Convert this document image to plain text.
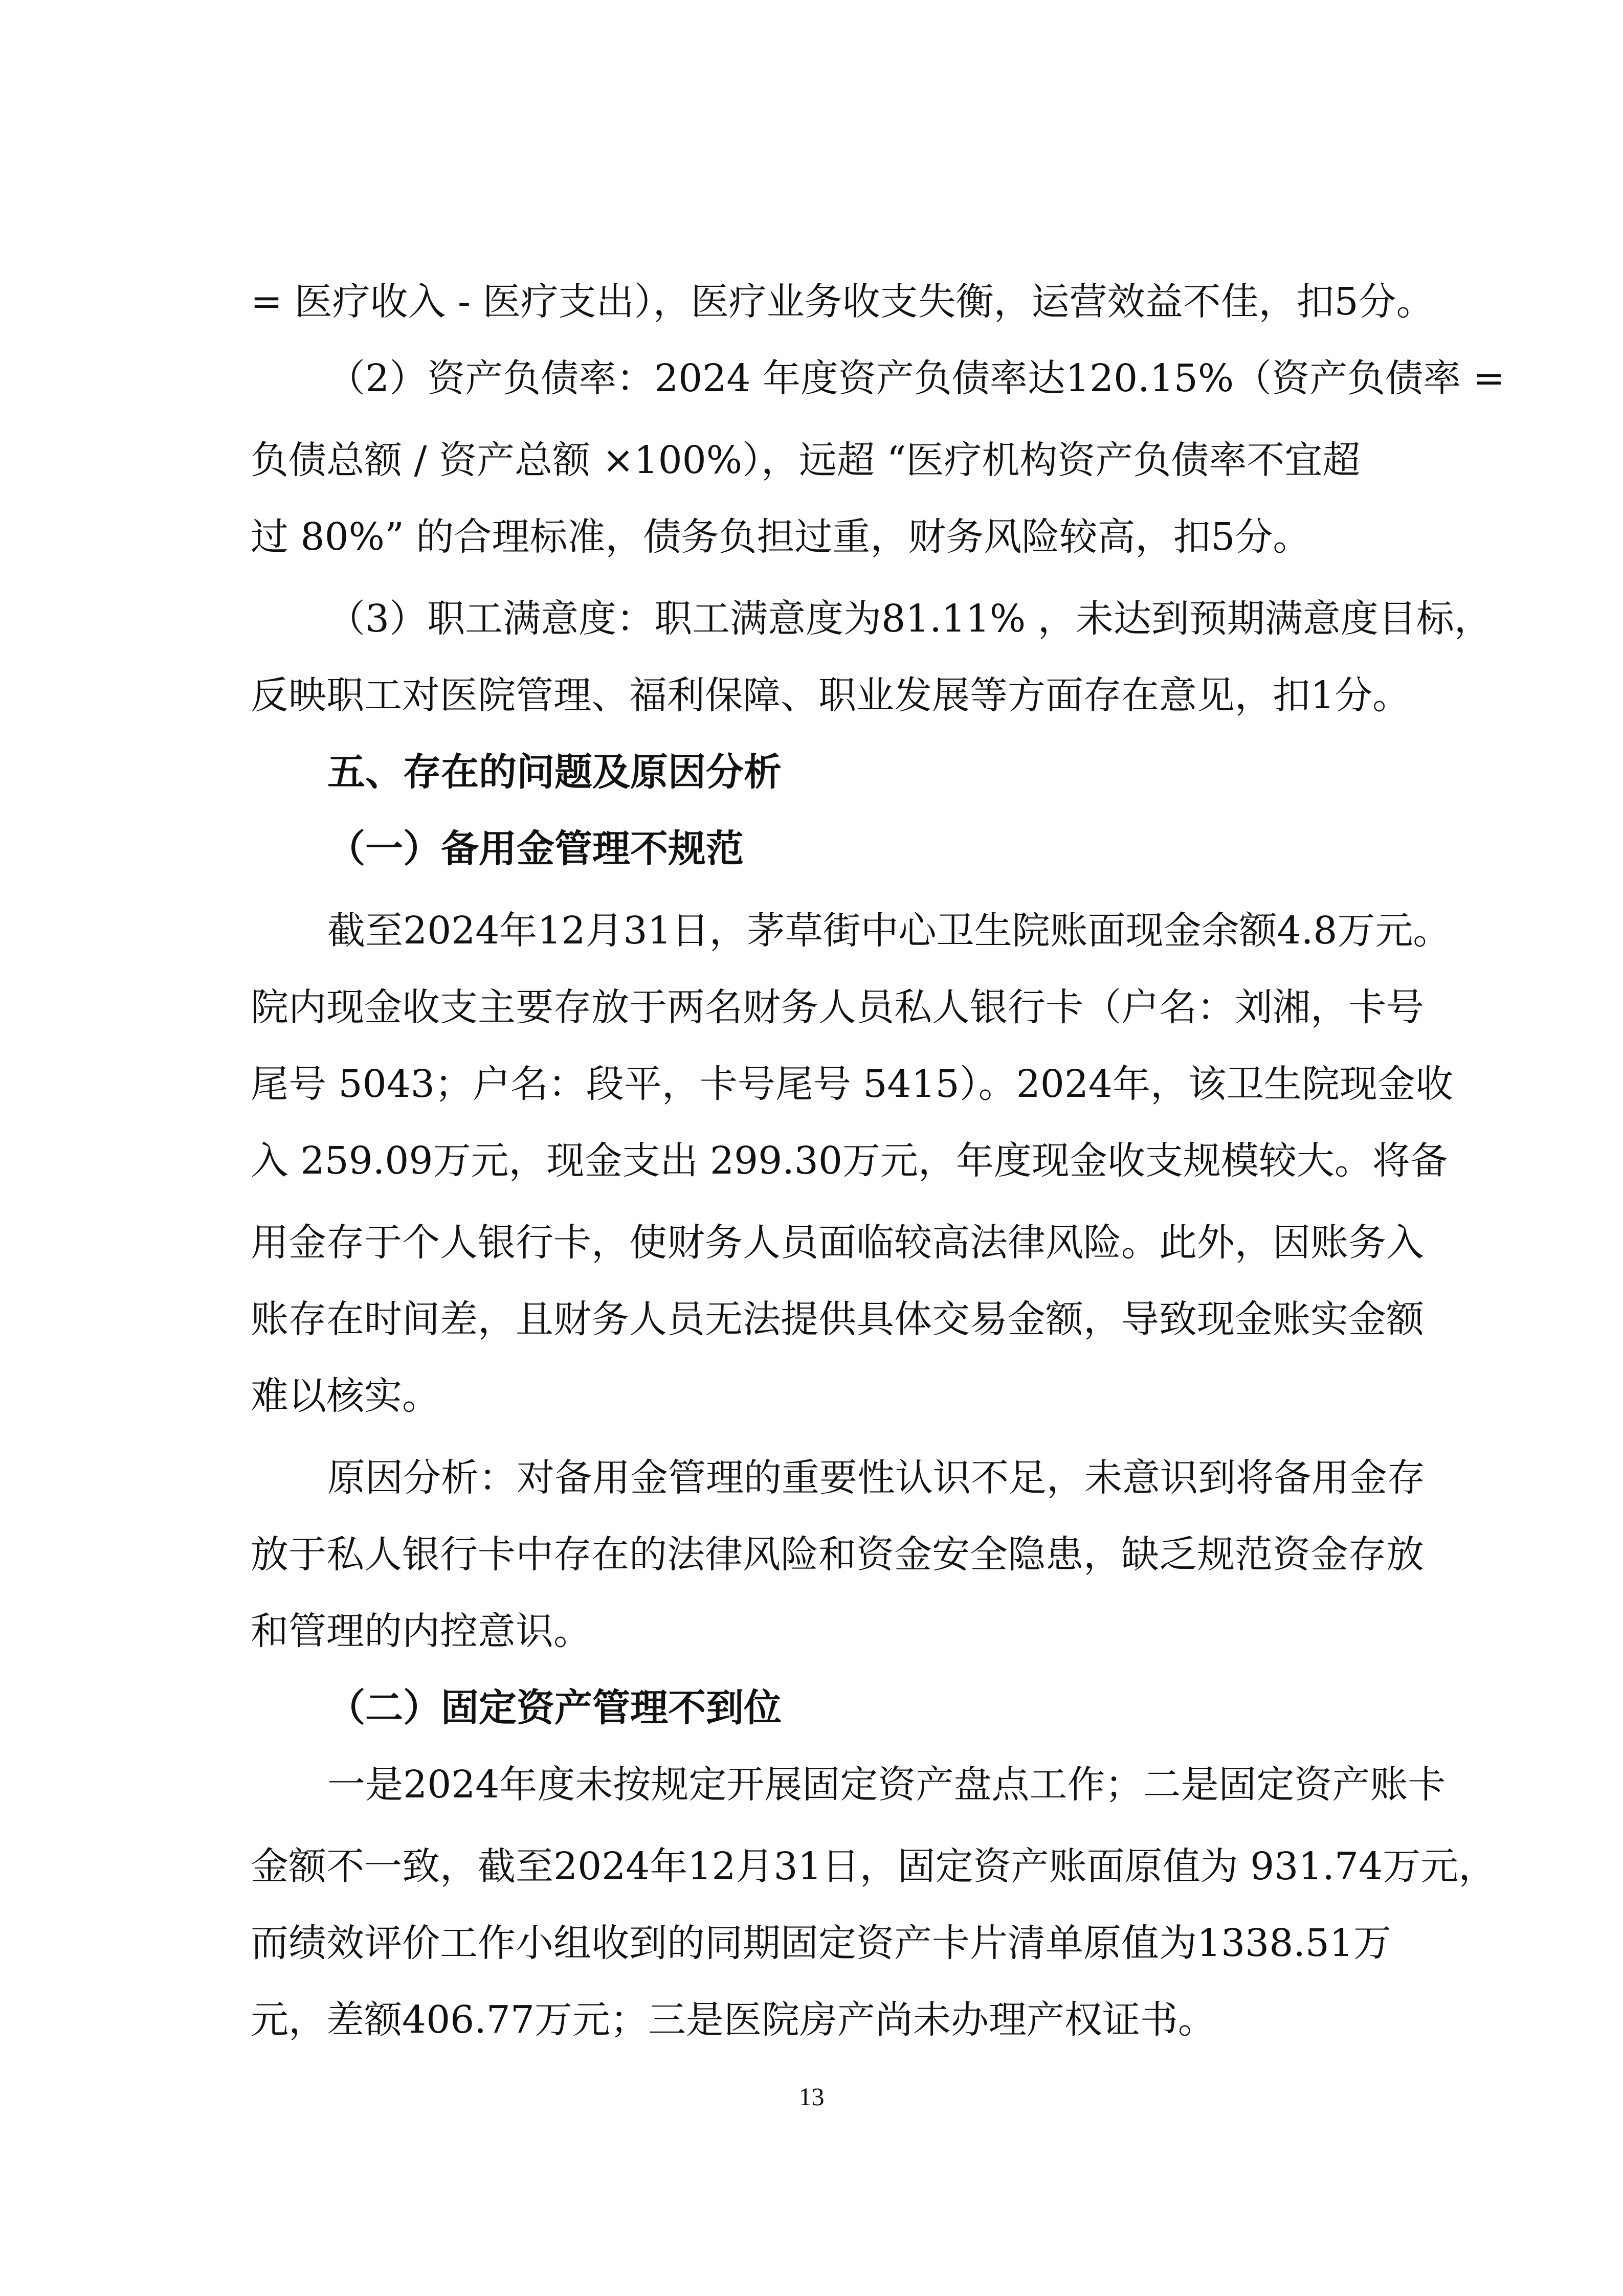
= 医疗收入 - 医疗支出），医疗业务收支失衡，运营效益不佳，扣5分。
（2）资产负债率：2024 年度资产负债率达120.15%（资产负债率 =
负债总额 / 资产总额 ×100%），远超 “医疗机构资产负债率不宜超
过 80%” 的合理标准，债务负担过重，财务风险较高，扣5分。
（3）职工满意度：职工满意度为81.11% ，未达到预期满意度目标，
反映职工对医院管理、福利保障、职业发展等方面存在意见，扣1分。
五、存在的问题及原因分析
（一）备用金管理不规范
截至2024年12月31日，茅草街中心卫生院账面现金余额4.8万元。
院内现金收支主要存放于两名财务人员私人银行卡（户名：刘湘，卡号
尾号 5043；户名：段平，卡号尾号 5415）。2024年，该卫生院现金收
入 259.09万元，现金支出 299.30万元，年度现金收支规模较大。将备
用金存于个人银行卡，使财务人员面临较高法律风险。此外，因账务入
账存在时间差，且财务人员无法提供具体交易金额，导致现金账实金额
难以核实。
原因分析：对备用金管理的重要性认识不足，未意识到将备用金存
放于私人银行卡中存在的法律风险和资金安全隐患，缺乏规范资金存放
和管理的内控意识。
（二）固定资产管理不到位
一是2024年度未按规定开展固定资产盘点工作；二是固定资产账卡
金额不一致，截至2024年12月31日，固定资产账面原值为 931.74万元，
而绩效评价工作小组收到的同期固定资产卡片清单原值为1338.51万
元，差额406.77万元；三是医院房产尚未办理产权证书。
13
